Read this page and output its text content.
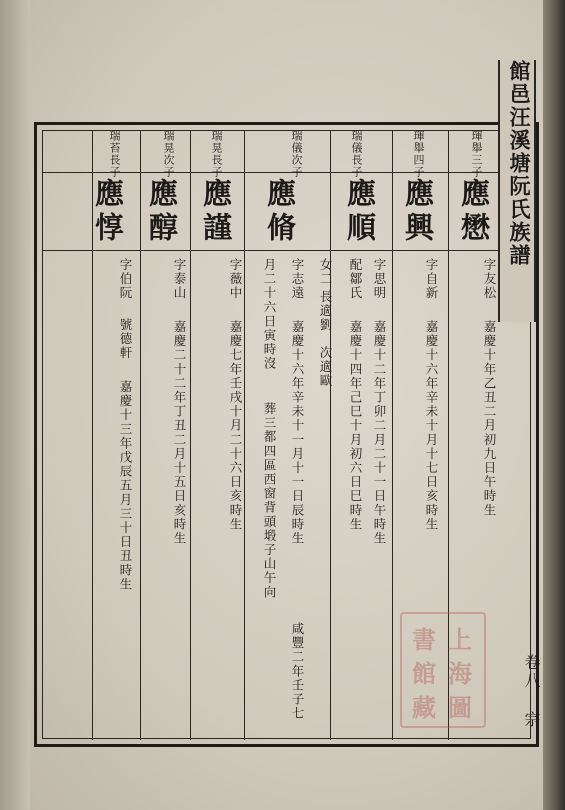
館邑汪溪塘阮氏族譜
琿舉三子
應懋
字友松
嘉慶十年乙丑二月初九日午時生
琿舉四子
應興
字自新
嘉慶十六年辛未十月十七日亥時生
瑞儀長子
應順
字思明
嘉慶十二年丁卯二月二十一日午時生
配鄒氏
嘉慶十四年己巳十月初六日巳時生
女二
長適劉
次適歐
瑞儀次子
應脩
字志遠
嘉慶十六年辛未十一月十一日辰時生
咸豐二年壬子七
月二十六日寅時沒
葬三都四區西窗背頭塅子山午向
瑞晃長子
應謹
字薇中
嘉慶七年壬戌十月二十六日亥時生
瑞晃次子
應醇
字泰山
嘉慶二十二年丁丑二月十五日亥時生
瑞苔長子
應惇
字伯阮
號德軒
嘉慶十三年戊辰五月三十日丑時生
上
海
圖
書
館
藏	卷八 宗
